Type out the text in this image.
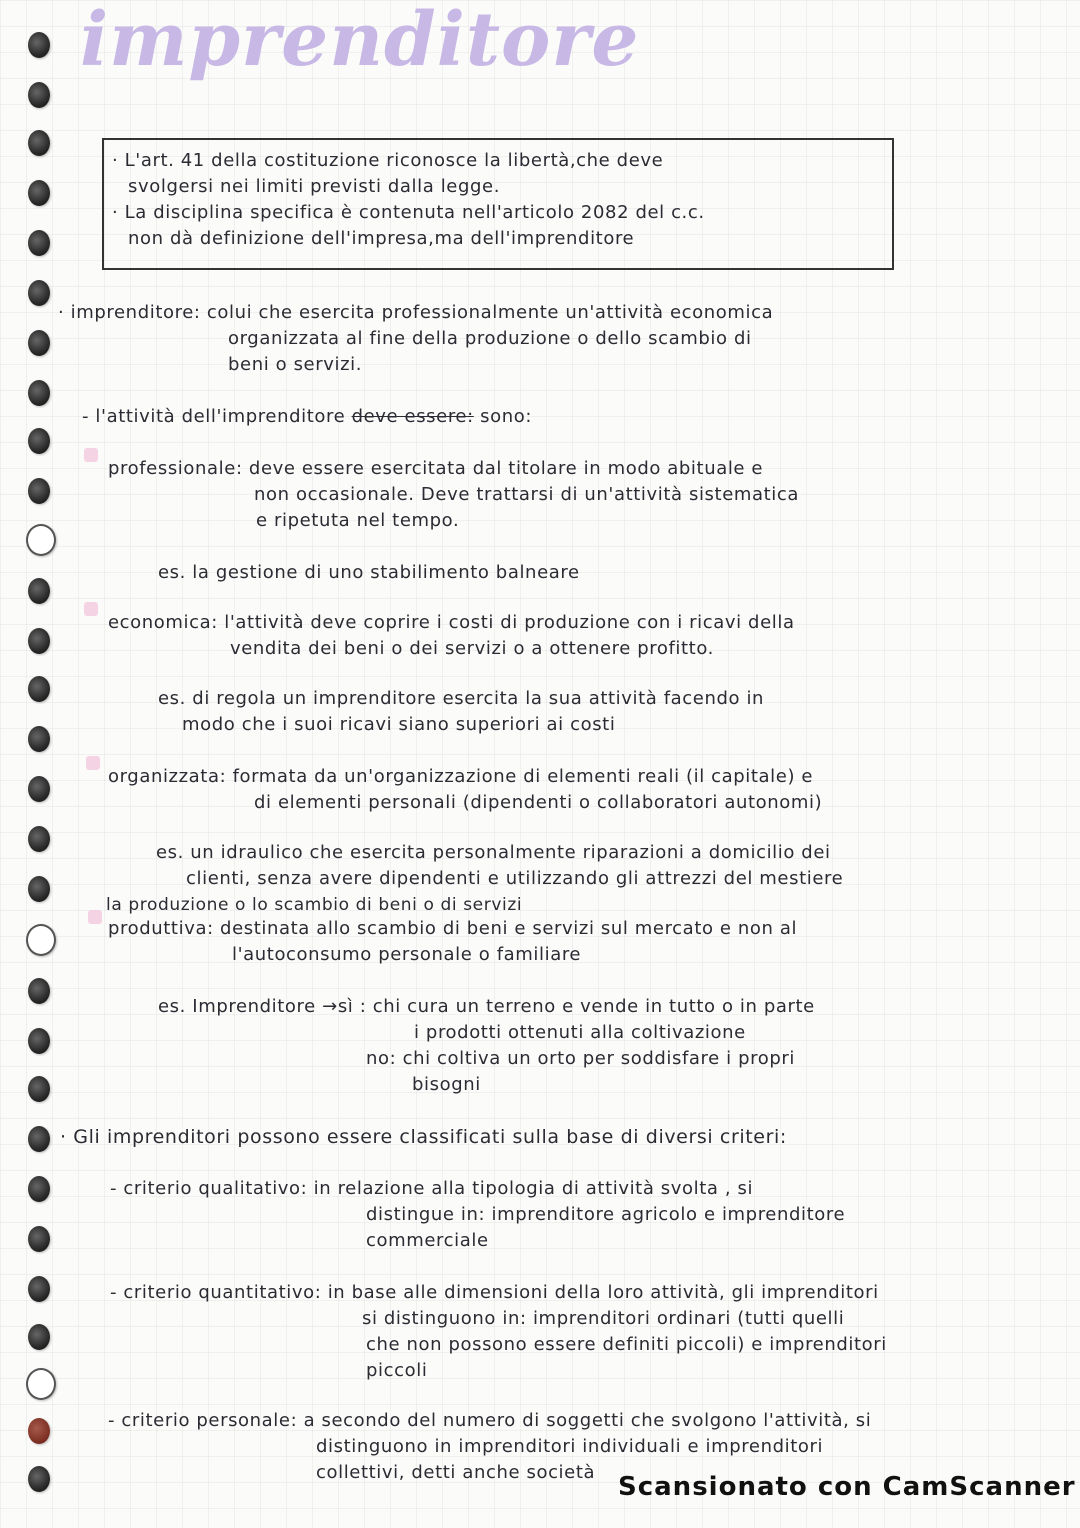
imprenditore
· L'art. 41 della costituzione riconosce la libertà,che deve
svolgersi nei limiti previsti dalla legge.
· La disciplina specifica è contenuta nell'articolo 2082 del c.c.
non dà definizione dell'impresa,ma dell'imprenditore
· imprenditore: colui che esercita professionalmente un'attività economica
organizzata al fine della produzione o dello scambio di
beni o servizi.
- l'attività dell'imprenditore deve essere: sono:
professionale: deve essere esercitata dal titolare in modo abituale e
non occasionale. Deve trattarsi di un'attività sistematica
e ripetuta nel tempo.
es. la gestione di uno stabilimento balneare
economica: l'attività deve coprire i costi di produzione con i ricavi della
vendita dei beni o dei servizi o a ottenere profitto.
es. di regola un imprenditore esercita la sua attività facendo in
modo che i suoi ricavi siano superiori ai costi
organizzata: formata da un'organizzazione di elementi reali (il capitale) e
di elementi personali (dipendenti o collaboratori autonomi)
es. un idraulico che esercita personalmente riparazioni a domicilio dei
clienti, senza avere dipendenti e utilizzando gli attrezzi del mestiere
la produzione o lo scambio di beni o di servizi
produttiva: destinata allo scambio di beni e servizi sul mercato e non al
l'autoconsumo personale o familiare
es. Imprenditore →sì : chi cura un terreno e vende in tutto o in parte
i prodotti ottenuti alla coltivazione
no: chi coltiva un orto per soddisfare i propri
bisogni
· Gli imprenditori possono essere classificati sulla base di diversi criteri:
- criterio qualitativo: in relazione alla tipologia di attività svolta , si
distingue in: imprenditore agricolo e imprenditore
commerciale
- criterio quantitativo: in base alle dimensioni della loro attività, gli imprenditori
si distinguono in: imprenditori ordinari (tutti quelli
che non possono essere definiti piccoli) e imprenditori
piccoli
- criterio personale: a secondo del numero di soggetti che svolgono l'attività, si
distinguono in imprenditori individuali e imprenditori
collettivi, detti anche società Scansionato con CamScanner
